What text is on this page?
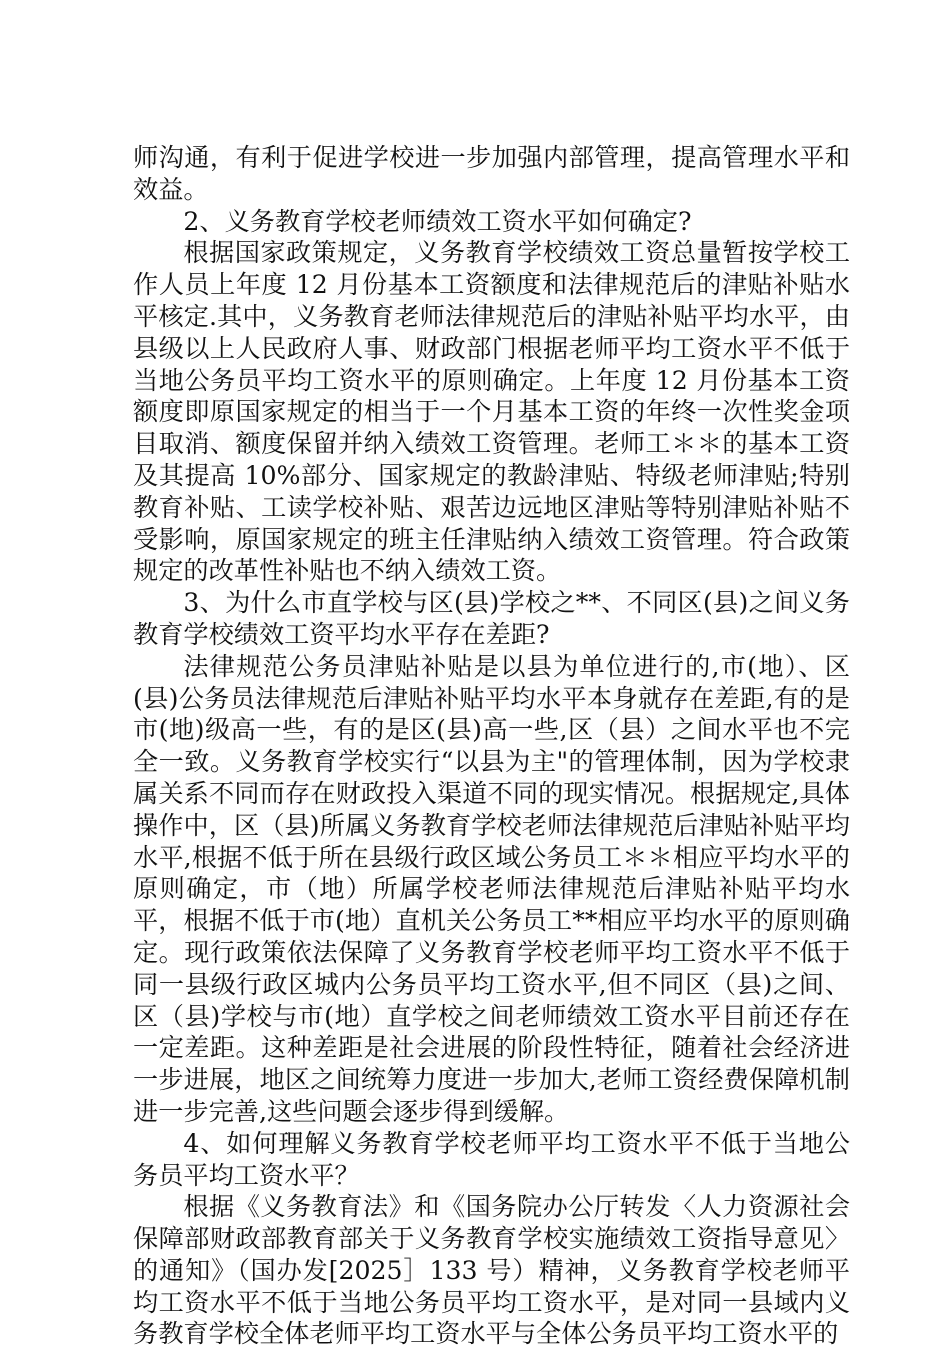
师沟通，有利于促进学校进一步加强内部管理，提高管理水平和效益。

2、义务教育学校老师绩效工资水平如何确定?

根据国家政策规定，义务教育学校绩效工资总量暂按学校工作人员上年度 12 月份基本工资额度和法律规范后的津贴补贴水平核定.其中，义务教育老师法律规范后的津贴补贴平均水平，由县级以上人民政府人事、财政部门根据老师平均工资水平不低于当地公务员平均工资水平的原则确定。上年度 12 月份基本工资额度即原国家规定的相当于一个月基本工资的年终一次性奖金项目取消、额度保留并纳入绩效工资管理。老师工＊＊的基本工资及其提高 10%部分、国家规定的教龄津贴、特级老师津贴;特别教育补贴、工读学校补贴、艰苦边远地区津贴等特别津贴补贴不受影响，原国家规定的班主任津贴纳入绩效工资管理。符合政策规定的改革性补贴也不纳入绩效工资。

3、为什么市直学校与区(县)学校之**、不同区(县)之间义务教育学校绩效工资平均水平存在差距?

法律规范公务员津贴补贴是以县为单位进行的,市(地）、区(县)公务员法律规范后津贴补贴平均水平本身就存在差距,有的是市(地)级高一些，有的是区(县)高一些,区（县）之间水平也不完全一致。义务教育学校实行“以县为主"的管理体制，因为学校隶属关系不同而存在财政投入渠道不同的现实情况。根据规定,具体操作中，区（县)所属义务教育学校老师法律规范后津贴补贴平均水平,根据不低于所在县级行政区域公务员工＊＊相应平均水平的原则确定，市（地）所属学校老师法律规范后津贴补贴平均水平，根据不低于市(地）直机关公务员工**相应平均水平的原则确定。现行政策依法保障了义务教育学校老师平均工资水平不低于同一县级行政区城内公务员平均工资水平,但不同区（县)之间、区（县)学校与市(地）直学校之间老师绩效工资水平目前还存在一定差距。这种差距是社会进展的阶段性特征，随着社会经济进一步进展，地区之间统筹力度进一步加大,老师工资经费保障机制进一步完善,这些问题会逐步得到缓解。

4、如何理解义务教育学校老师平均工资水平不低于当地公务员平均工资水平？

根据《义务教育法》和《国务院办公厅转发〈人力资源社会保障部财政部教育部关于义务教育学校实施绩效工资指导意见〉的通知》（国办发[2025］133 号）精神，义务教育学校老师平均工资水平不低于当地公务员平均工资水平，是对同一县域内义务教育学校全体老师平均工资水平与全体公务员平均工资水平的
